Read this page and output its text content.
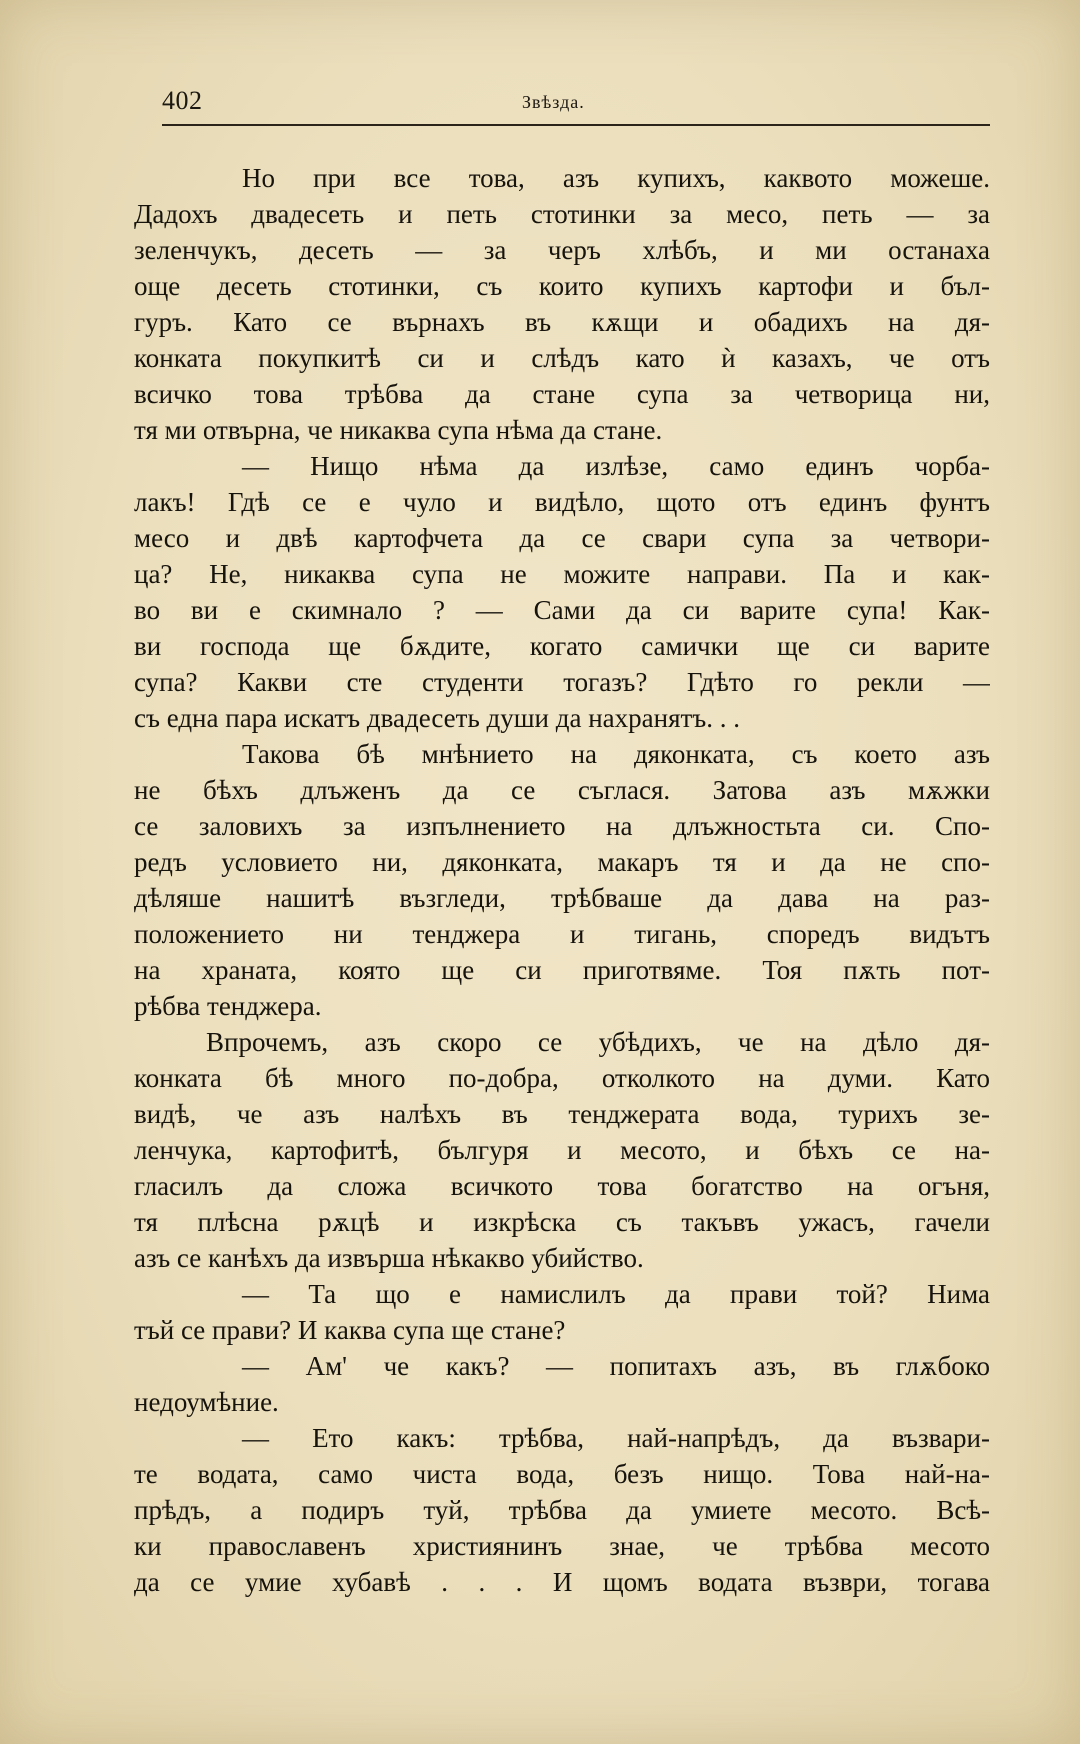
402	Звѣзда.
Но при все това, азъ купихъ, каквото можеше.
Дадохъ двадесеть и петь стотинки за месо, петь — за
зеленчукъ, десеть — за черъ хлѣбъ, и ми останаха
още десеть стотинки, съ които купихъ картофи и бъл-
гуръ. Като се върнахъ въ кѫщи и обадихъ на дя-
конката покупкитѣ си и слѣдъ като ѝ казахъ, че отъ
всичко това трѣбва да стане супа за четворица ни,
тя ми отвърна, че никаква супа нѣма да стане.
— Нищо нѣма да излѣзе, само единъ чорба-
лакъ! Гдѣ се е чуло и видѣло, щото отъ единъ фунтъ
месо и двѣ картофчета да се свари супа за четвори-
ца? Не, никаква супа не можите направи. Па и как-
во ви е скимнало ? — Сами да си варите супа! Как-
ви господа ще бѫдите, когато самички ще си варите
супа? Какви сте студенти тогазъ? Гдѣто го рекли —
съ една пара искатъ двадесеть души да нахранятъ. . .
Такова бѣ мнѣнието на дяконката, съ което азъ
не бѣхъ длъженъ да се съглася. Затова азъ мѫжки
се заловихъ за изпълнението на длъжностьта си. Спо-
редъ условието ни, дяконката, макаръ тя и да не спо-
дѣляше нашитѣ възгледи, трѣбваше да дава на раз-
положението ни тенджера и тигань, споредъ видътъ
на храната, която ще си приготвяме. Тоя пѫть пот-
рѣбва тенджера.
Впрочемъ, азъ скоро се убѣдихъ, че на дѣло дя-
конката бѣ много по-добра, отколкото на думи. Като
видѣ, че азъ налѣхъ въ тенджерата вода, турихъ зе-
ленчука, картофитѣ, бългуря и месото, и бѣхъ се на-
гласилъ да сложа всичкото това богатство на огъня,
тя плѣсна рѫцѣ и изкрѣска съ такъвъ ужасъ, гачели
азъ се канѣхъ да извърша нѣкакво убийство.
— Та що е намислилъ да прави той? Нима
тъй се прави? И каква супа ще стане?
— Ам' че какъ? — попитахъ азъ, въ глѫбоко
недоумѣние.
— Ето какъ: трѣбва, най-напрѣдъ, да възвари-
те водата, само чиста вода, безъ нищо. Това най-на-
прѣдъ, а подиръ туй, трѣбва да умиете месото. Всѣ-
ки православенъ християнинъ знае, че трѣбва месото
да се умие хубавѣ . . . И щомъ водата възври, тогава
